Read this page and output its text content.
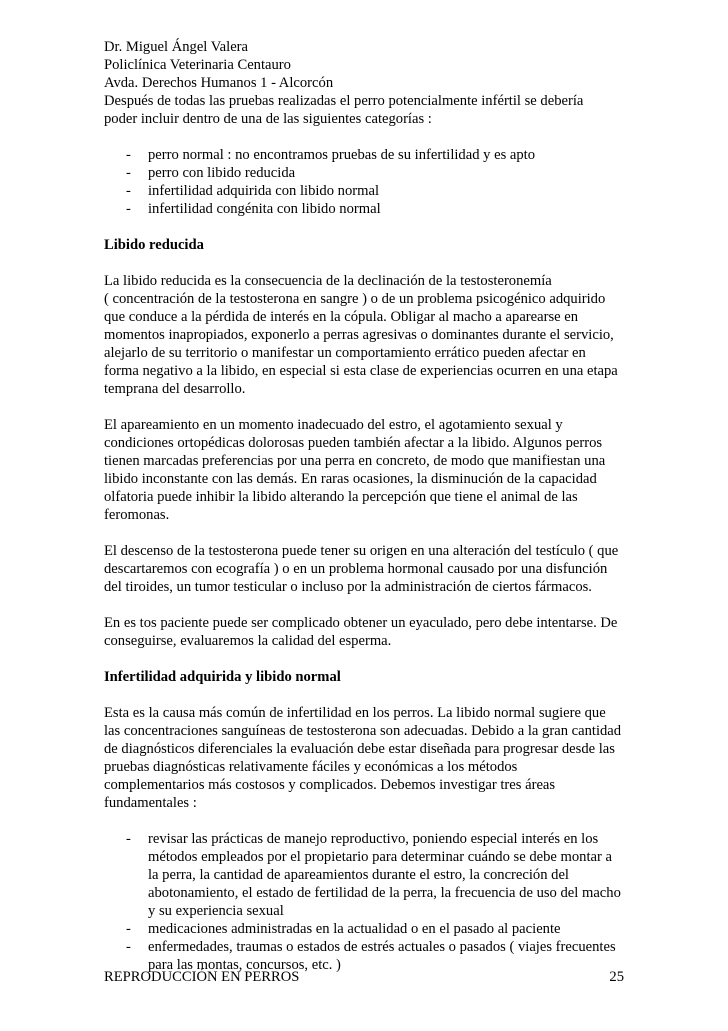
Dr. Miguel Ángel Valera
Policlínica Veterinaria Centauro
Avda. Derechos Humanos 1 - Alcorcón
Después de todas las pruebas realizadas el perro potencialmente infértil se debería
poder incluir dentro de una de las siguientes categorías :
- perro normal : no encontramos pruebas de su infertilidad y es apto
- perro con libido reducida
- infertilidad adquirida con libido normal
- infertilidad congénita con libido normal
Libido reducida
La libido reducida es la consecuencia de la declinación de la testosteronemía
( concentración de la testosterona en sangre ) o de un problema psicogénico adquirido
que conduce a la pérdida de interés en la cópula. Obligar al macho a aparearse en
momentos inapropiados, exponerlo a perras agresivas o dominantes durante el servicio,
alejarlo de su territorio o manifestar un comportamiento errático pueden afectar en
forma negativo a la libido, en especial si esta clase de experiencias ocurren en una etapa
temprana del desarrollo.
El apareamiento en un momento inadecuado del estro, el agotamiento sexual y
condiciones ortopédicas dolorosas pueden también afectar a la libido. Algunos perros
tienen marcadas preferencias por una perra en concreto, de modo que manifiestan una
libido inconstante con las demás. En raras ocasiones, la disminución de la capacidad
olfatoria puede inhibir la libido alterando la percepción que tiene el animal de las
feromonas.
El descenso de la testosterona puede tener su origen en una alteración del testículo ( que
descartaremos con ecografía ) o en un problema hormonal causado por una disfunción
del tiroides, un tumor testicular o incluso por la administración de ciertos fármacos.
En es tos paciente puede ser complicado obtener un eyaculado, pero debe intentarse. De
conseguirse, evaluaremos la calidad del esperma.
Infertilidad adquirida y libido normal
Esta es la causa más común de infertilidad en los perros. La libido normal sugiere que
las concentraciones sanguíneas de testosterona son adecuadas. Debido a la gran cantidad
de diagnósticos diferenciales la evaluación debe estar diseñada para progresar desde las
pruebas diagnósticas relativamente fáciles y económicas a los métodos
complementarios más costosos y complicados. Debemos investigar tres áreas
fundamentales :
- revisar las prácticas de manejo reproductivo, poniendo especial interés en los
métodos empleados por el propietario para determinar cuándo se debe montar a
la perra, la cantidad de apareamientos durante el estro, la concreción del
abotonamiento, el estado de fertilidad de la perra, la frecuencia de uso del macho
y su experiencia sexual
- medicaciones administradas en la actualidad o en el pasado al paciente
- enfermedades, traumas o estados de estrés actuales o pasados ( viajes frecuentes
para las montas, concursos, etc. )
REPRODUCCIÓN EN PERROS	25
